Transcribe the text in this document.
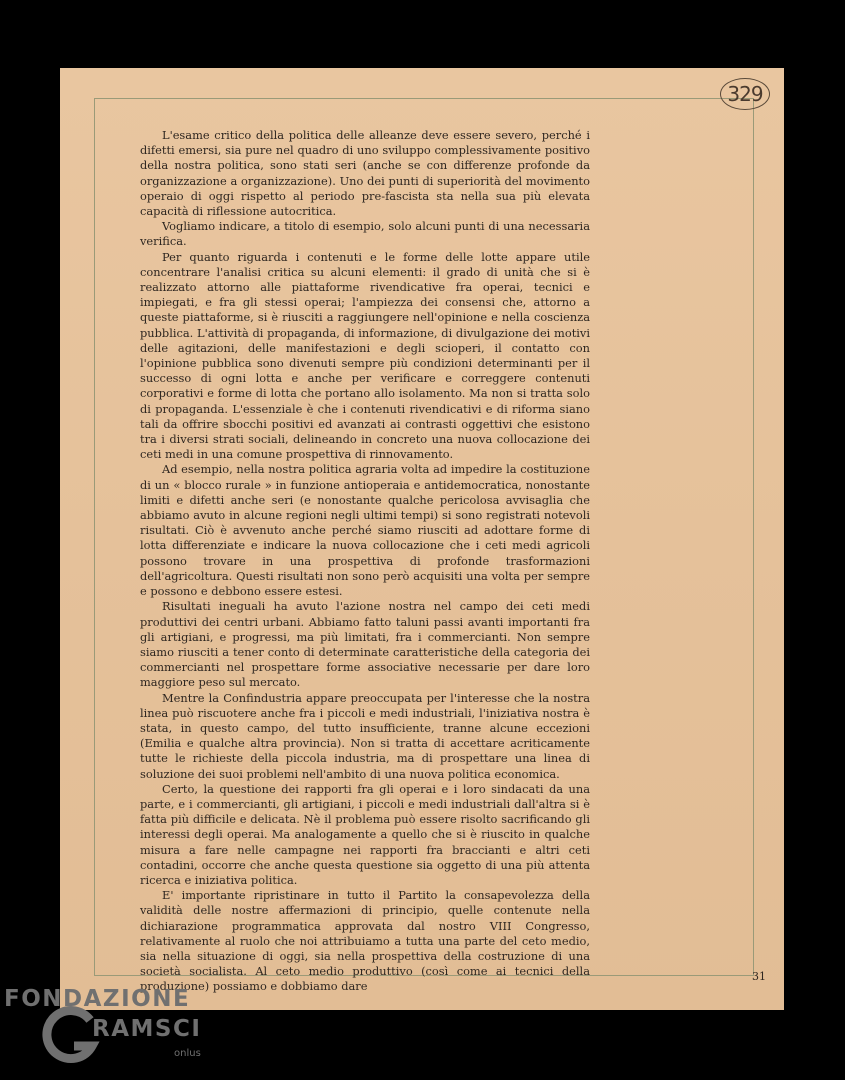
329

L'esame critico della politica delle alleanze deve essere severo, perché i difetti emersi, sia pure nel quadro di uno sviluppo complessivamente positivo della nostra politica, sono stati seri (anche se con differenze profonde da organizzazione a organizzazione). Uno dei punti di superiorità del movimento operaio di oggi rispetto al periodo pre-fascista sta nella sua più elevata capacità di riflessione autocritica.

Vogliamo indicare, a titolo di esempio, solo alcuni punti di una necessaria verifica.

Per quanto riguarda i contenuti e le forme delle lotte appare utile concentrare l'analisi critica su alcuni elementi: il grado di unità che si è realizzato attorno alle piattaforme rivendicative fra operai, tecnici e impiegati, e fra gli stessi operai; l'ampiezza dei consensi che, attorno a queste piattaforme, si è riusciti a raggiungere nell'opinione e nella coscienza pubblica. L'attività di propaganda, di informazione, di divulgazione dei motivi delle agitazioni, delle manifestazioni e degli scioperi, il contatto con l'opinione pubblica sono divenuti sempre più condizioni determinanti per il successo di ogni lotta e anche per verificare e correggere contenuti corporativi e forme di lotta che portano allo isolamento. Ma non si tratta solo di propaganda. L'essenziale è che i contenuti rivendicativi e di riforma siano tali da offrire sbocchi positivi ed avanzati ai contrasti oggettivi che esistono tra i diversi strati sociali, delineando in concreto una nuova collocazione dei ceti medi in una comune prospettiva di rinnovamento.

Ad esempio, nella nostra politica agraria volta ad impedire la costituzione di un « blocco rurale » in funzione antioperaia e antidemocratica, nonostante limiti e difetti anche seri (e nonostante qualche pericolosa avvisaglia che abbiamo avuto in alcune regioni negli ultimi tempi) si sono registrati notevoli risultati. Ciò è avvenuto anche perché siamo riusciti ad adottare forme di lotta differenziate e indicare la nuova collocazione che i ceti medi agricoli possono trovare in una prospettiva di profonde trasformazioni dell'agricoltura. Questi risultati non sono però acquisiti una volta per sempre e possono e debbono essere estesi.

Risultati ineguali ha avuto l'azione nostra nel campo dei ceti medi produttivi dei centri urbani. Abbiamo fatto taluni passi avanti importanti fra gli artigiani, e progressi, ma più limitati, fra i commercianti. Non sempre siamo riusciti a tener conto di determinate caratteristiche della categoria dei commercianti nel prospettare forme associative necessarie per dare loro maggiore peso sul mercato.

Mentre la Confindustria appare preoccupata per l'interesse che la nostra linea può riscuotere anche fra i piccoli e medi industriali, l'iniziativa nostra è stata, in questo campo, del tutto insufficiente, tranne alcune eccezioni (Emilia e qualche altra provincia). Non si tratta di accettare acriticamente tutte le richieste della piccola industria, ma di prospettare una linea di soluzione dei suoi problemi nell'ambito di una nuova politica economica.

Certo, la questione dei rapporti fra gli operai e i loro sindacati da una parte, e i commercianti, gli artigiani, i piccoli e medi industriali dall'altra si è fatta più difficile e delicata. Nè il problema può essere risolto sacrificando gli interessi degli operai. Ma analogamente a quello che si è riuscito in qualche misura a fare nelle campagne nei rapporti fra braccianti e altri ceti contadini, occorre che anche questa questione sia oggetto di una più attenta ricerca e iniziativa politica.

E' importante ripristinare in tutto il Partito la consapevolezza della validità delle nostre affermazioni di principio, quelle contenute nella dichiarazione programmatica approvata dal nostro VIII Congresso, relativamente al ruolo che noi attribuiamo a tutta una parte del ceto medio, sia nella situazione di oggi, sia nella prospettiva della costruzione di una società socialista. Al ceto medio produttivo (così come ai tecnici della produzione) possiamo e dobbiamo dare

31
FONDAZIONE
RAMSCI
onlus
